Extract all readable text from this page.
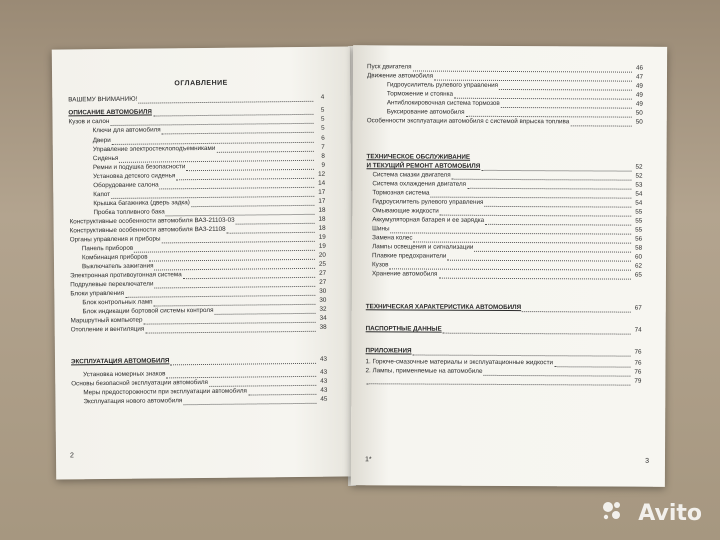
ОГЛАВЛЕНИЕ
ВАШЕМУ ВНИМАНИЮ!	4
ОПИСАНИЕ АВТОМОБИЛЯ	5
Кузов и салон	5
Ключи для автомобиля	5
Двери	6
Управление электростеклоподъемниками	7
Сиденья	8
Ремни и подушка безопасности	9
Установка детского сиденья	12
Оборудование салона	14
Капот	17
Крышка багажника (дверь задка)	17
Пробка топливного бака	18
Конструктивные особенности автомобиля ВАЗ-21103-03	18
Конструктивные особенности автомобиля ВАЗ-21108	18
Органы управления и приборы	19
Панель приборов	19
Комбинация приборов	20
Выключатель зажигания	25
Электронная противоугонная система	27
Подрулевые переключатели	27
Блоки управления	30
Блок контрольных ламп	30
Блок индикации бортовой системы контроля	32
Маршрутный компьютер	34
Отопление и вентиляция	38
ЭКСПЛУАТАЦИЯ АВТОМОБИЛЯ	43
Установка номерных знаков	43
Основы безопасной эксплуатации автомобиля	43
Меры предосторожности при эксплуатации автомобиля	43
Эксплуатация нового автомобиля	45
2
Пуск двигателя	46
Движение автомобиля	47
Гидроусилитель рулевого управления	49
Торможение и стоянка	49
Антиблокировочная система тормозов	49
Буксирование автомобиля	50
Особенности эксплуатации автомобиля с системой впрыска топлива	50
ТЕХНИЧЕСКОЕ ОБСЛУЖИВАНИЕ
И ТЕКУЩИЙ РЕМОНТ АВТОМОБИЛЯ	52
Система смазки двигателя	52
Система охлаждения двигателя	53
Тормозная система	54
Гидроусилитель рулевого управления	54
Омывающие жидкости	55
Аккумуляторная батарея и ее зарядка	55
Шины	55
Замена колес	56
Лампы освещения и сигнализации	58
Плавкие предохранители	60
Кузов	62
Хранение автомобиля	65
ТЕХНИЧЕСКАЯ ХАРАКТЕРИСТИКА АВТОМОБИЛЯ	67
ПАСПОРТНЫЕ ДАННЫЕ	74
ПРИЛОЖЕНИЯ	76
1. Горюче-смазочные материалы и эксплуатационные жидкости	76
2. Лампы, применяемые на автомобиле	76
79
1*	3
Avito
